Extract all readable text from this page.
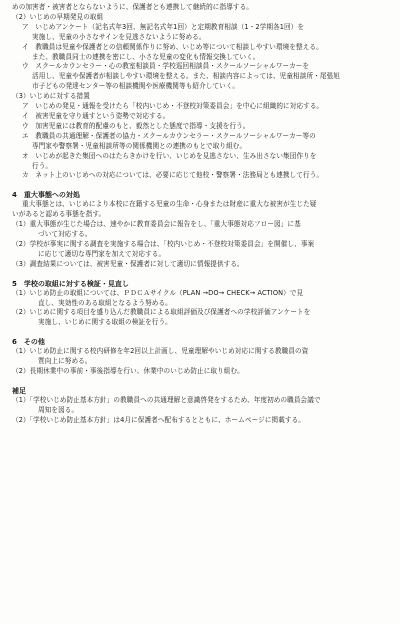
めの加害者・被害者とならないように、保護者とも連携して継続的に指導する。
（2）いじめの早期発見の取組
ア　いじめアンケート（記名式年3回、無記名式年1回）と定期教育相談（1・2学期各1回）を
実施し、児童の小さなサインを見逃さないように努める。
イ　教職員は児童や保護者との信頼関係作りに努め、いじめ等について相談しやすい環境を整える。
また、教職員同士の連携を密にし、小さな児童の変化も情報交換していく。
ウ　スクールカウンセラー・心の教室相談員・学校巡回相談員・スクールソーシャルワーカーを
活用し、児童や保護者が相談しやすい環境を整える。また、相談内容によっては、児童相談所・尾張旭
市子どもの発達センター等の相談機関や医療機関等も紹介していく。
（3）いじめに対する措置
ア　いじめの発見・通報を受けたら「校内いじめ・不登校対策委員会」を中心に組織的に対応する。
イ　被害児童を守り通すという姿勢で対応する。
ウ　加害児童には教育的配慮のもと、毅然とした態度で指導・支援を行う。
エ　教職員の共通理解・保護者の協力・スクールカウンセラー・スクールソーシャルワーカー等の
専門家や警察署・児童相談所等の関係機関との連携のもとで取り組む。
オ　いじめが起きた集団へのはたらきかけを行い、いじめを見逃さない、生み出さない集団作りを
行う。
カ　ネット上のいじめへの対応については、必要に応じて他校・警察署・法務局とも連携して行う。
4　重大事態への対処
重大事態とは、いじめにより本校に在籍する児童の生命・心身または財産に重大な被害が生じた疑
いがあると認める事態を指す。
（1）重大事態が生じた場合は、速やかに教育委員会に報告をし、「重大事態対応フロー図」に基
づいて対応する。
（2）学校が事実に関する調査を実施する場合は、「校内いじめ・不登校対策委員会」を開催し、事案
に応じて適切な専門家を加えて対応する。
（3）調査結果については、被害児童・保護者に対して適切に情報提供する。
5　学校の取組に対する検証・見直し
（1）いじめ防止の取組については、ＰＤＣＡサイクル（PLAN →DO→ CHECK→ ACTION）で見
直し、実効性のある取組となるよう努める。
（2）いじめに関する項目を盛り込んだ教職員による取組評価及び保護者への学校評価アンケートを
実施し、いじめに関する取組の検証を行う。
6　その他
（1）いじめ防止に関する校内研修を年2回以上計画し、児童理解やいじめ対応に関する教職員の資
質向上に努める。
（2）長期休業中の事前・事後指導を行い、休業中のいじめ防止に取り組む。
補足
（1）「学校いじめ防止基本方針」の教職員への共通理解と意識啓発をするため、年度初めの職員会議で
周知を図る。
（2）「学校いじめ防止基本方針」は4月に保護者へ配布するとともに、ホームページに掲載する。
